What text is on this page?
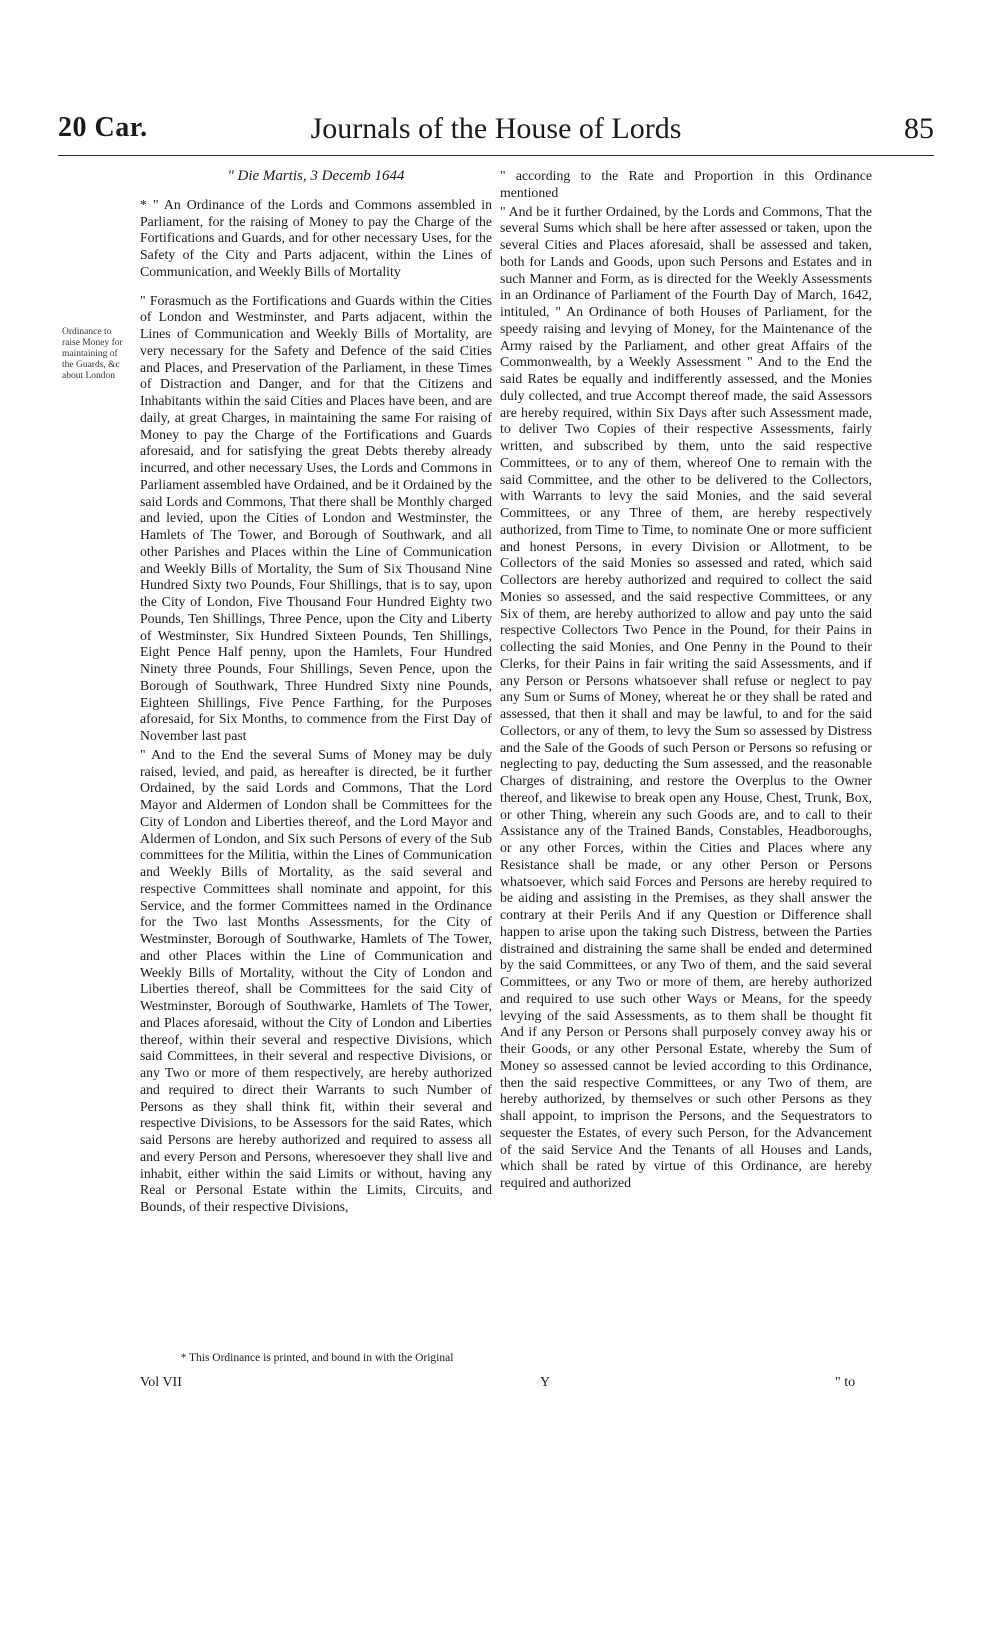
20 Car.	Journals of the House of Lords	85
Ordinance to raise Money for maintaining of the Guards, &c about London

" Die Martis, 3 Decemb 1644

* " An Ordinance of the Lords and Commons assembled in Parliament, for the raising of Money to pay the Charge of the Fortifications and Guards, and for other necessary Uses, for the Safety of the City and Parts adjacent, within the Lines of Communication, and Weekly Bills of Mortality

" Forasmuch as the Fortifications and Guards within the Cities of London and Westminster, and Parts adjacent, within the Lines of Communication and Weekly Bills of Mortality, are very necessary for the Safety and Defence of the said Cities and Places, and Preservation of the Parliament, in these Times of Distraction and Danger, and for that the Citizens and Inhabitants within the said Cities and Places have been, and are daily, at great Charges, in maintaining the same For raising of Money to pay the Charge of the Fortifications and Guards aforesaid, and for satisfying the great Debts thereby already incurred, and other necessary Uses, the Lords and Commons in Parliament assembled have Ordained, and be it Ordained by the said Lords and Commons, That there shall be Monthly charged and levied, upon the Cities of London and Westminster, the Hamlets of The Tower, and Borough of Southwark, and all other Parishes and Places within the Line of Communication and Weekly Bills of Mortality, the Sum of Six Thousand Nine Hundred Sixty two Pounds, Four Shillings, that is to say, upon the City of London, Five Thousand Four Hundred Eighty two Pounds, Ten Shillings, Three Pence, upon the City and Liberty of Westminster, Six Hundred Sixteen Pounds, Ten Shillings, Eight Pence Half penny, upon the Hamlets, Four Hundred Ninety three Pounds, Four Shillings, Seven Pence, upon the Borough of Southwark, Three Hundred Sixty nine Pounds, Eighteen Shillings, Five Pence Farthing, for the Purposes aforesaid, for Six Months, to commence from the First Day of November last past

" And to the End the several Sums of Money may be duly raised, levied, and paid, as hereafter is directed, be it further Ordained, by the said Lords and Commons, That the Lord Mayor and Aldermen of London shall be Committees for the City of London and Liberties thereof, and the Lord Mayor and Aldermen of London, and Six such Persons of every of the Sub committees for the Militia, within the Lines of Communication and Weekly Bills of Mortality, as the said several and respective Committees shall nominate and appoint, for this Service, and the former Committees named in the Ordinance for the Two last Months Assessments, for the City of Westminster, Borough of Southwarke, Hamlets of The Tower, and other Places within the Line of Communication and Weekly Bills of Mortality, without the City of London and Liberties thereof, shall be Committees for the said City of Westminster, Borough of Southwarke, Hamlets of The Tower, and Places aforesaid, without the City of London and Liberties thereof, within their several and respective Divisions, which said Committees, in their several and respective Divisions, or any Two or more of them respectively, are hereby authorized and required to direct their Warrants to such Number of Persons as they shall think fit, within their several and respective Divisions, to be Assessors for the said Rates, which said Persons are hereby authorized and required to assess all and every Person and Persons, wheresoever they shall live and inhabit, either within the said Limits or without, having any Real or Personal Estate within the Limits, Circuits, and Bounds, of their respective Divisions,

" according to the Rate and Proportion in this Ordinance mentioned

" And be it further Ordained, by the Lords and Commons, That the several Sums which shall be here after assessed or taken, upon the several Cities and Places aforesaid, shall be assessed and taken, both for Lands and Goods, upon such Persons and Estates and in such Manner and Form, as is directed for the Weekly Assessments in an Ordinance of Parliament of the Fourth Day of March, 1642, intituled, " An Ordinance of both Houses of Parliament, for the speedy raising and levying of Money, for the Maintenance of the Army raised by the Parliament, and other great Affairs of the Commonwealth, by a Weekly Assessment " And to the End the said Rates be equally and indifferently assessed, and the Monies duly collected, and true Accompt thereof made, the said Assessors are hereby required, within Six Days after such Assessment made, to deliver Two Copies of their respective Assessments, fairly written, and subscribed by them, unto the said respective Committees, or to any of them, whereof One to remain with the said Committee, and the other to be delivered to the Collectors, with Warrants to levy the said Monies, and the said several Committees, or any Three of them, are hereby respectively authorized, from Time to Time, to nominate One or more sufficient and honest Persons, in every Division or Allotment, to be Collectors of the said Monies so assessed and rated, which said Collectors are hereby authorized and required to collect the said Monies so assessed, and the said respective Committees, or any Six of them, are hereby authorized to allow and pay unto the said respective Collectors Two Pence in the Pound, for their Pains in collecting the said Monies, and One Penny in the Pound to their Clerks, for their Pains in fair writing the said Assessments, and if any Person or Persons whatsoever shall refuse or neglect to pay any Sum or Sums of Money, whereat he or they shall be rated and assessed, that then it shall and may be lawful, to and for the said Collectors, or any of them, to levy the Sum so assessed by Distress and the Sale of the Goods of such Person or Persons so refusing or neglecting to pay, deducting the Sum assessed, and the reasonable Charges of distraining, and restore the Overplus to the Owner thereof, and likewise to break open any House, Chest, Trunk, Box, or other Thing, wherein any such Goods are, and to call to their Assistance any of the Trained Bands, Constables, Headboroughs, or any other Forces, within the Cities and Places where any Resistance shall be made, or any other Person or Persons whatsoever, which said Forces and Persons are hereby required to be aiding and assisting in the Premises, as they shall answer the contrary at their Perils And if any Question or Difference shall happen to arise upon the taking such Distress, between the Parties distrained and distraining the same shall be ended and determined by the said Committees, or any Two of them, and the said several Committees, or any Two or more of them, are hereby authorized and required to use such other Ways or Means, for the speedy levying of the said Assessments, as to them shall be thought fit And if any Person or Persons shall purposely convey away his or their Goods, or any other Personal Estate, whereby the Sum of Money so assessed cannot be levied according to this Ordinance, then the said respective Committees, or any Two of them, are hereby authorized, by themselves or such other Persons as they shall appoint, to imprison the Persons, and the Sequestrators to sequester the Estates, of every such Person, for the Advancement of the said Service And the Tenants of all Houses and Lands, which shall be rated by virtue of this Ordinance, are hereby required and authorized

* This Ordinance is printed, and bound in with the Original
Vol VII	Y	" to
